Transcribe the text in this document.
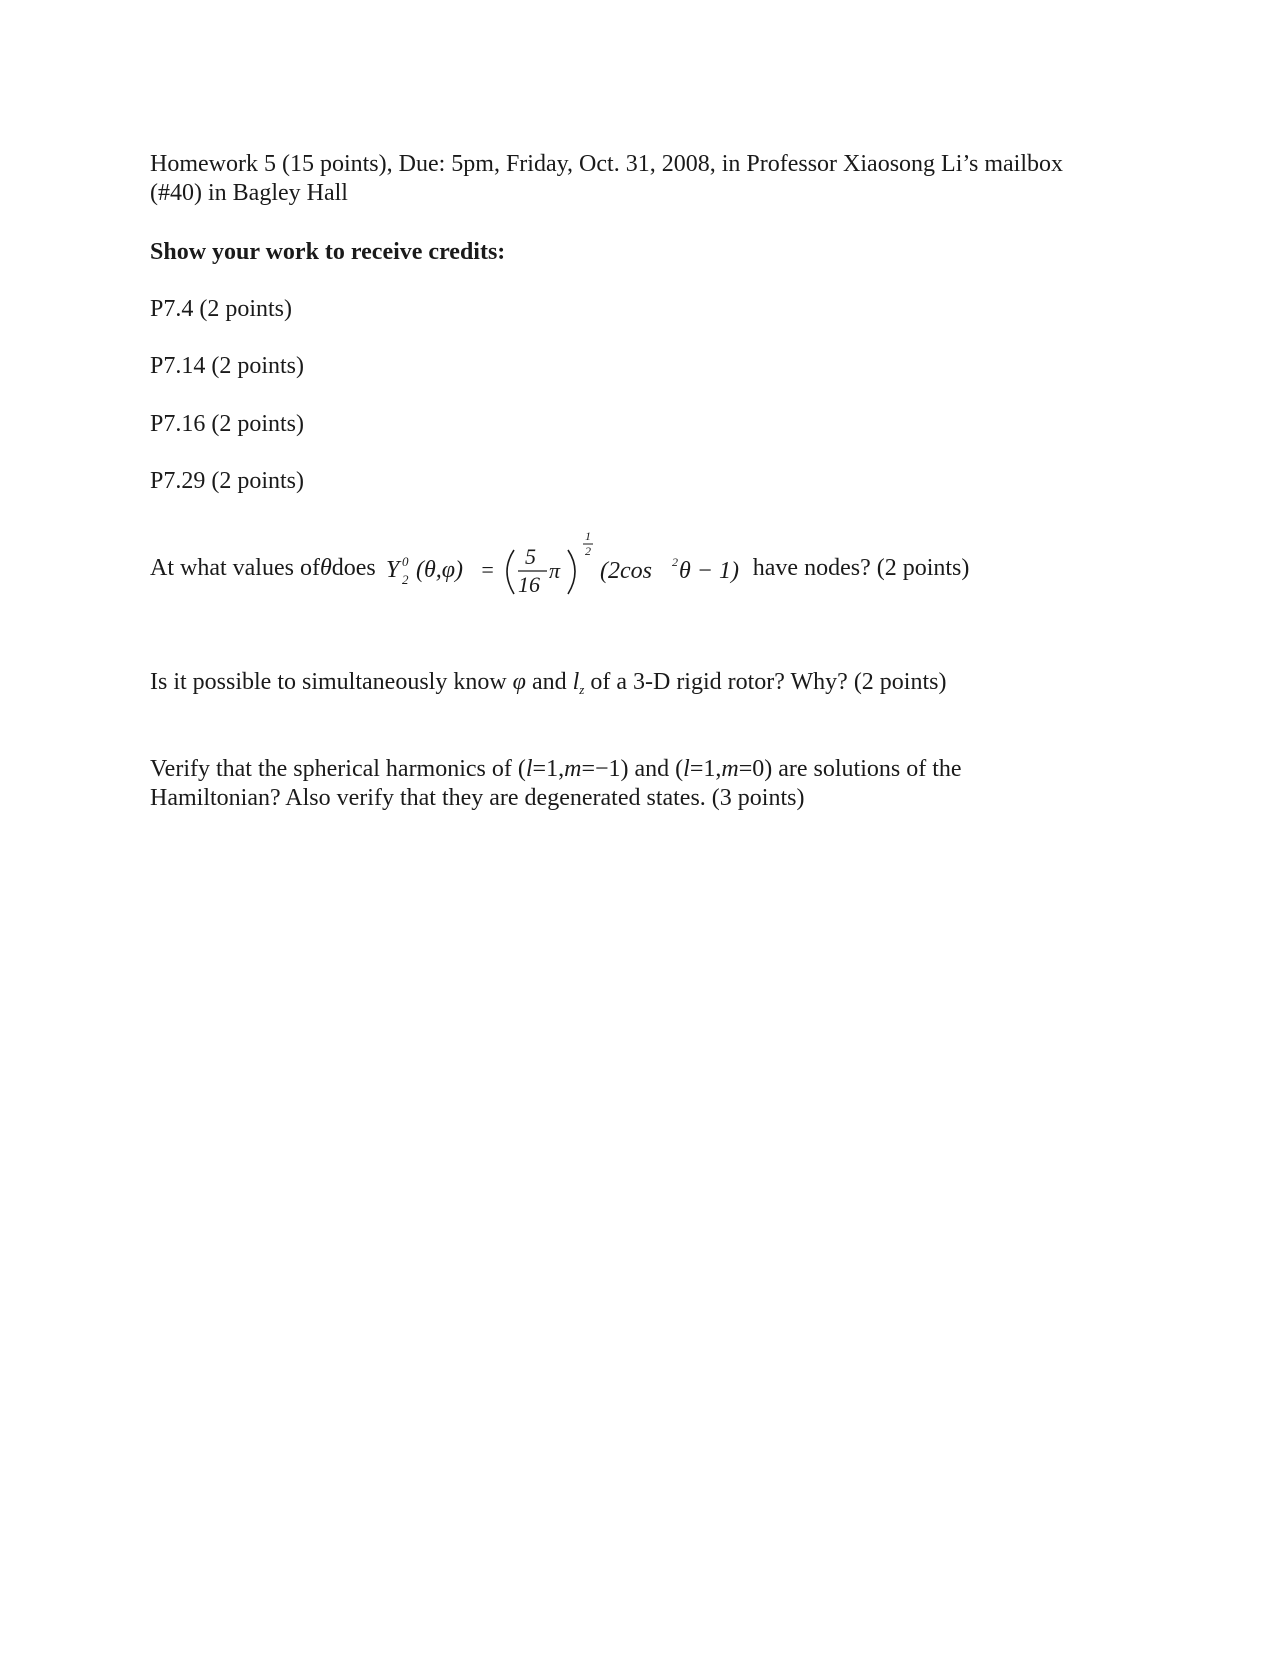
Homework 5 (15 points), Due: 5pm, Friday, Oct. 31, 2008, in Professor Xiaosong Li’s mailbox
(#40) in Bagley Hall
Show your work to receive credits:
P7.4 (2 points)
P7.14 (2 points)
P7.16 (2 points)
P7.29 (2 points)
At what values ofθdoes Y 2
0 (θ,φ) =
5
16
π
1
2
(2cos 2 θ − 1) have nodes? (2 points)
Is it possible to simultaneously know φ and $l_z$ of a 3-D rigid rotor? Why? (2 points)
Verify that the spherical harmonics of (l=1,m=−1) and (l=1,m=0) are solutions of the
Hamiltonian? Also verify that they are degenerated states. (3 points)
